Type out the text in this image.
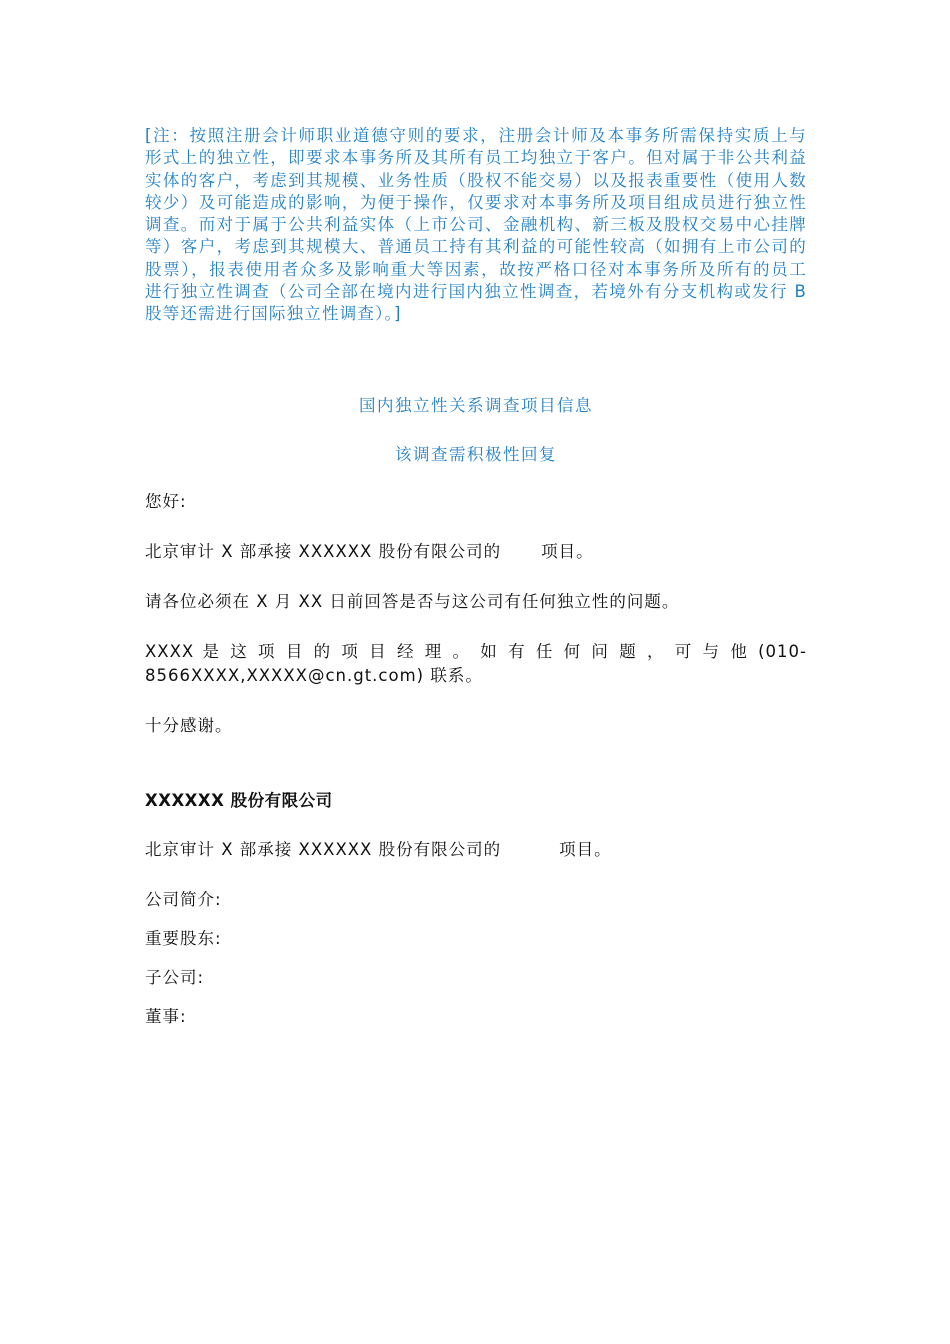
[注：按照注册会计师职业道德守则的要求，注册会计师及本事务所需保持实质上与形式上的独立性，即要求本事务所及其所有员工均独立于客户。但对属于非公共利益实体的客户，考虑到其规模、业务性质（股权不能交易）以及报表重要性（使用人数较少）及可能造成的影响，为便于操作，仅要求对本事务所及项目组成员进行独立性调查。而对于属于公共利益实体（上市公司、金融机构、新三板及股权交易中心挂牌等）客户，考虑到其规模大、普通员工持有其利益的可能性较高（如拥有上市公司的股票），报表使用者众多及影响重大等因素，故按严格口径对本事务所及所有的员工进行独立性调查（公司全部在境内进行国内独立性调查，若境外有分支机构或发行 B 股等还需进行国际独立性调查）。]

国内独立性关系调查项目信息

该调查需积极性回复

您好:

北京审计 X 部承接 XXXXXX 股份有限公司的 项目。

请各位必须在 X 月 XX 日前回答是否与这公司有任何独立性的问题。

XXXX 是 这 项 目 的 项 目 经 理 。 如 有 任 何 问 题 ， 可 与 他 (010-8566XXXX,XXXXX@cn.gt.com) 联系。

十分感谢。

XXXXXX 股份有限公司

北京审计 X 部承接 XXXXXX 股份有限公司的	项目。

公司简介:

重要股东:

子公司:

董事:
